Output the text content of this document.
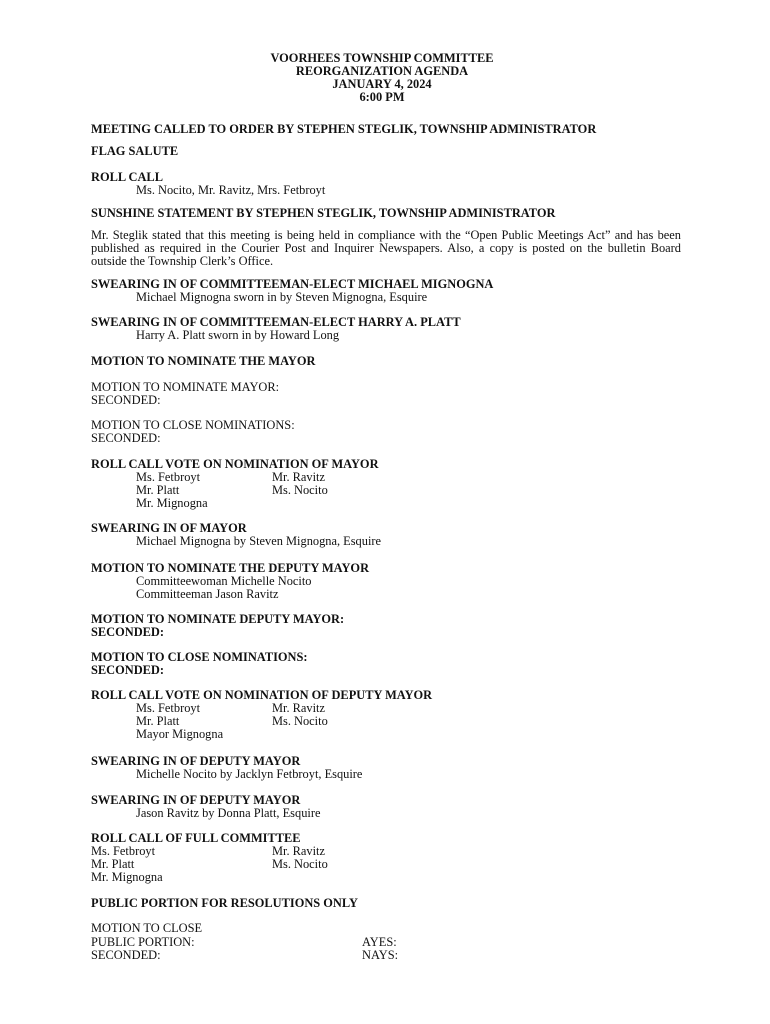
VOORHEES TOWNSHIP COMMITTEE
REORGANIZATION AGENDA
JANUARY 4, 2024
6:00 PM
MEETING CALLED TO ORDER BY STEPHEN STEGLIK, TOWNSHIP ADMINISTRATOR
FLAG SALUTE
ROLL CALL
Ms. Nocito, Mr. Ravitz, Mrs. Fetbroyt
SUNSHINE STATEMENT BY STEPHEN STEGLIK, TOWNSHIP ADMINISTRATOR
Mr. Steglik stated that this meeting is being held in compliance with the “Open Public Meetings Act” and has been published as required in the Courier Post and Inquirer Newspapers. Also, a copy is posted on the bulletin Board outside the Township Clerk’s Office.
SWEARING IN OF COMMITTEEMAN-ELECT MICHAEL MIGNOGNA
Michael Mignogna sworn in by Steven Mignogna, Esquire
SWEARING IN OF COMMITTEEMAN-ELECT HARRY A. PLATT
Harry A. Platt sworn in by Howard Long
MOTION TO NOMINATE THE MAYOR
MOTION TO NOMINATE MAYOR:
SECONDED:
MOTION TO CLOSE NOMINATIONS:
SECONDED:
ROLL CALL VOTE ON NOMINATION OF MAYOR
Ms. Fetbroyt	Mr. Ravitz
Mr. Platt	Ms. Nocito
Mr. Mignogna
SWEARING IN OF MAYOR
Michael Mignogna by Steven Mignogna, Esquire
MOTION TO NOMINATE THE DEPUTY MAYOR
Committeewoman Michelle Nocito
Committeeman Jason Ravitz
MOTION TO NOMINATE DEPUTY MAYOR:
SECONDED:
MOTION TO CLOSE NOMINATIONS:
SECONDED:
ROLL CALL VOTE ON NOMINATION OF DEPUTY MAYOR
Ms. Fetbroyt	Mr. Ravitz
Mr. Platt	Ms. Nocito
Mayor Mignogna
SWEARING IN OF DEPUTY MAYOR
Michelle Nocito by Jacklyn Fetbroyt, Esquire
SWEARING IN OF DEPUTY MAYOR
Jason Ravitz by Donna Platt, Esquire
ROLL CALL OF FULL COMMITTEE
Ms. Fetbroyt	Mr. Ravitz
Mr. Platt	Ms. Nocito
Mr. Mignogna
PUBLIC PORTION FOR RESOLUTIONS ONLY
MOTION TO CLOSE
PUBLIC PORTION:	AYES:
SECONDED:	NAYS:
